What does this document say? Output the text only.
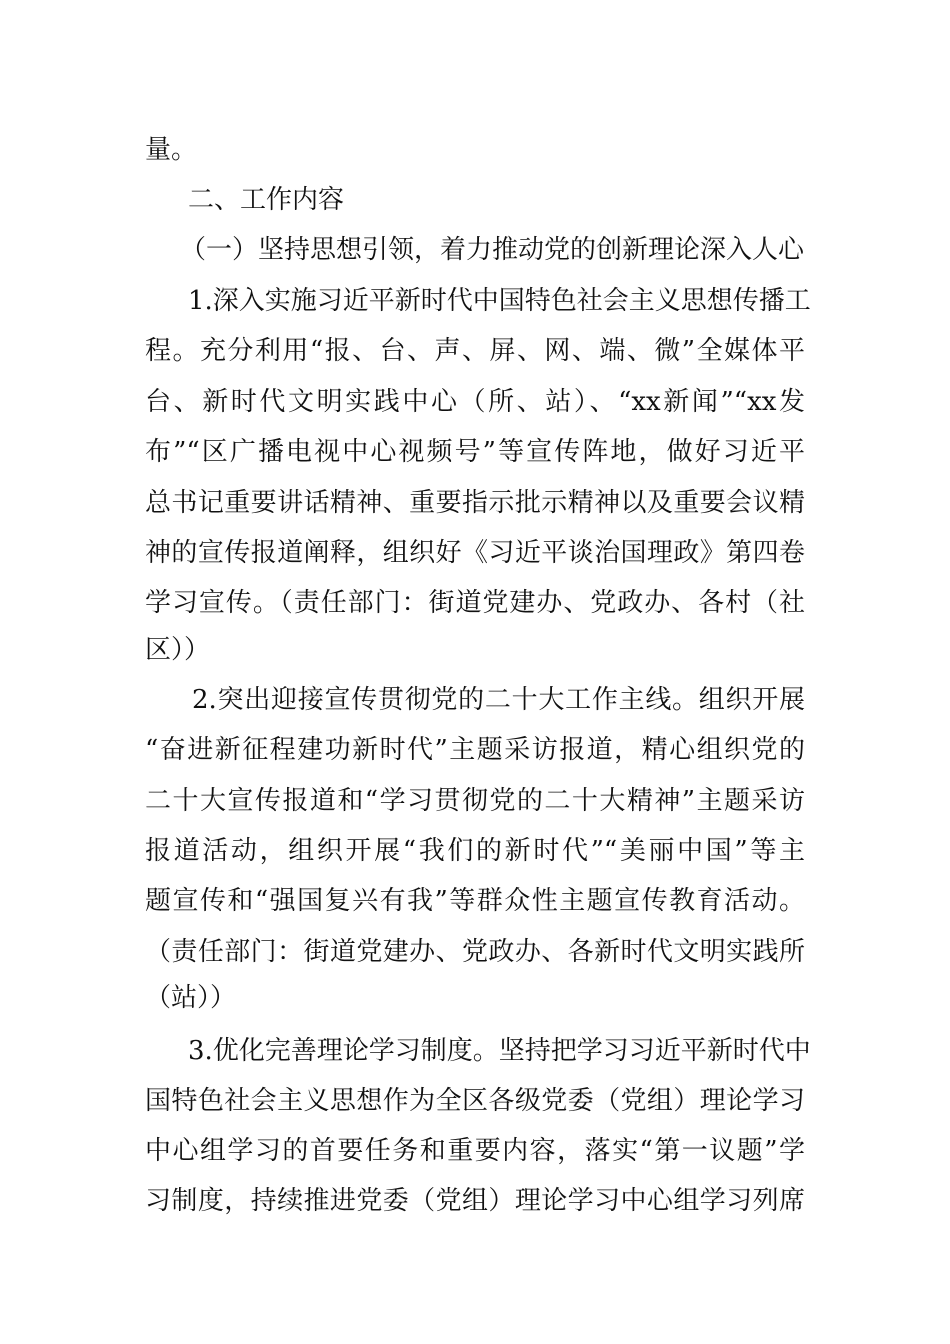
量。
二、工作内容
（一）坚持思想引领，着力推动党的创新理论深入人心
1.深入实施习近平新时代中国特色社会主义思想传播工
程。充分利用“报、台、声、屏、网、端、微”全媒体平
台、新时代文明实践中心（所、站）、“xx新闻”“xx发
布”“区广播电视中心视频号”等宣传阵地，做好习近平
总书记重要讲话精神、重要指示批示精神以及重要会议精
神的宣传报道阐释，组织好《习近平谈治国理政》第四卷
学习宣传。（责任部门：街道党建办、党政办、各村（社
区））
2.突出迎接宣传贯彻党的二十大工作主线。组织开展
“奋进新征程建功新时代”主题采访报道，精心组织党的
二十大宣传报道和“学习贯彻党的二十大精神”主题采访
报道活动，组织开展“我们的新时代”“美丽中国”等主
题宣传和“强国复兴有我”等群众性主题宣传教育活动。
（责任部门：街道党建办、党政办、各新时代文明实践所
（站））
3.优化完善理论学习制度。坚持把学习习近平新时代中
国特色社会主义思想作为全区各级党委（党组）理论学习
中心组学习的首要任务和重要内容，落实“第一议题”学
习制度，持续推进党委（党组）理论学习中心组学习列席
